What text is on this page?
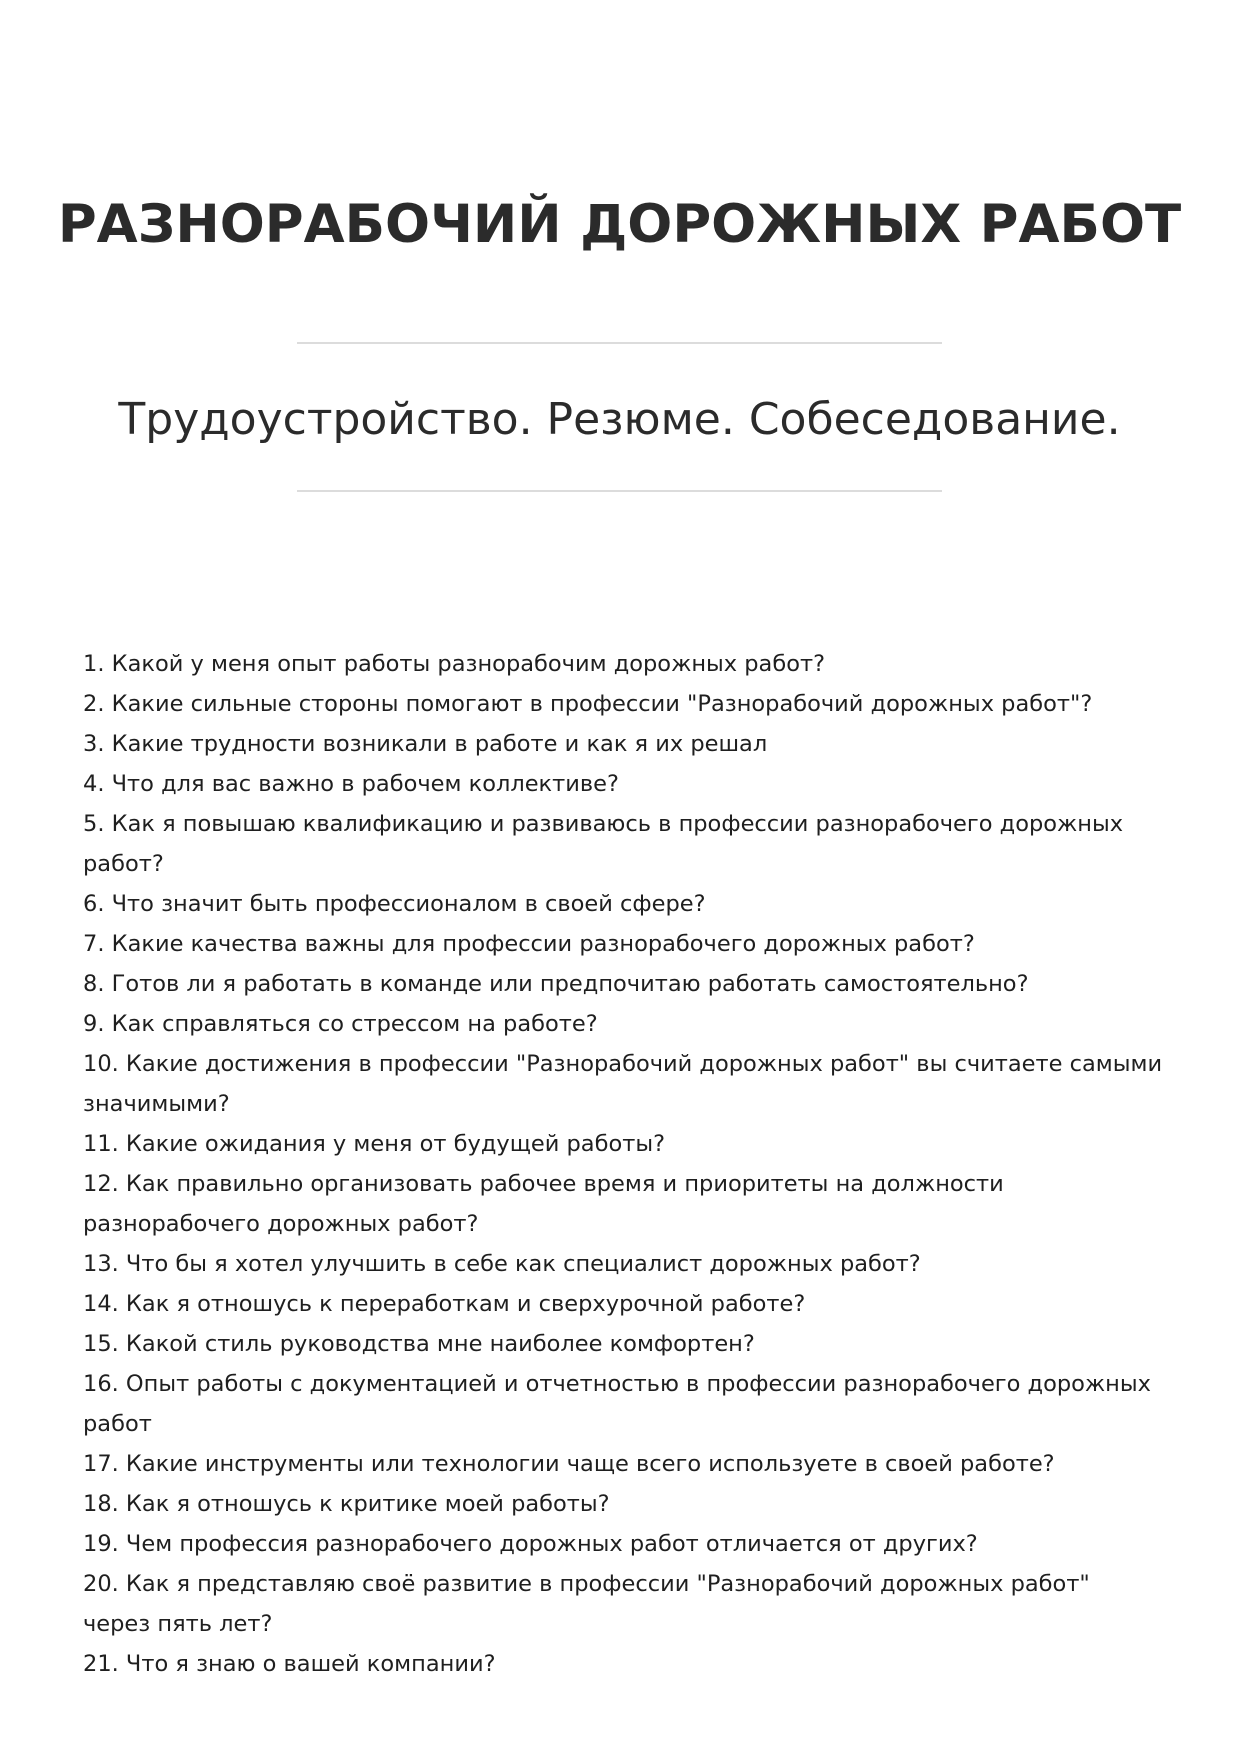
РАЗНОРАБОЧИЙ ДОРОЖНЫХ РАБОТ
Трудоустройство. Резюме. Собеседование.
1. Какой у меня опыт работы разнорабочим дорожных работ?
2. Какие сильные стороны помогают в профессии "Разнорабочий дорожных работ"?
3. Какие трудности возникали в работе и как я их решал
4. Что для вас важно в рабочем коллективе?
5. Как я повышаю квалификацию и развиваюсь в профессии разнорабочего дорожных работ?
6. Что значит быть профессионалом в своей сфере?
7. Какие качества важны для профессии разнорабочего дорожных работ?
8. Готов ли я работать в команде или предпочитаю работать самостоятельно?
9. Как справляться со стрессом на работе?
10. Какие достижения в профессии "Разнорабочий дорожных работ" вы считаете самыми значимыми?
11. Какие ожидания у меня от будущей работы?
12. Как правильно организовать рабочее время и приоритеты на должности разнорабочего дорожных работ?
13. Что бы я хотел улучшить в себе как специалист дорожных работ?
14. Как я отношусь к переработкам и сверхурочной работе?
15. Какой стиль руководства мне наиболее комфортен?
16. Опыт работы с документацией и отчетностью в профессии разнорабочего дорожных работ
17. Какие инструменты или технологии чаще всего используете в своей работе?
18. Как я отношусь к критике моей работы?
19. Чем профессия разнорабочего дорожных работ отличается от других?
20. Как я представляю своё развитие в профессии "Разнорабочий дорожных работ" через пять лет?
21. Что я знаю о вашей компании?
